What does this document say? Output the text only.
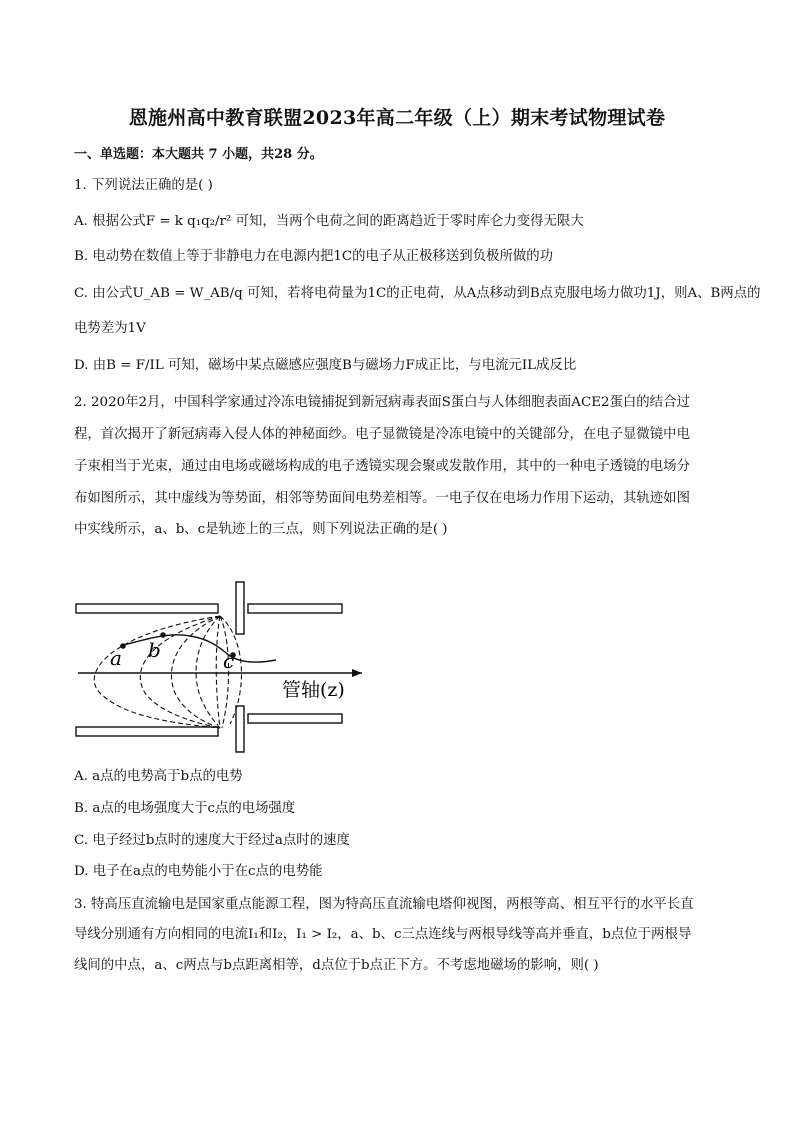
恩施州高中教育联盟2023年高二年级（上）期末考试物理试卷
一、单选题：本大题共 7 小题，共28 分。
1. 下列说法正确的是( )
A. 根据公式F = k q₁q₂/r² 可知，当两个电荷之间的距离趋近于零时库仑力变得无限大
B. 电动势在数值上等于非静电力在电源内把1C的电子从正极移送到负极所做的功
C. 由公式U_AB = W_AB/q 可知，若将电荷量为1C的正电荷，从A点移动到B点克服电场力做功1J，则A、B两点的
电势差为1V
D. 由B = F/IL 可知，磁场中某点磁感应强度B与磁场力F成正比，与电流元IL成反比
2. 2020年2月，中国科学家通过冷冻电镜捕捉到新冠病毒表面S蛋白与人体细胞表面ACE2蛋白的结合过
程，首次揭开了新冠病毒入侵人体的神秘面纱。电子显微镜是冷冻电镜中的关键部分，在电子显微镜中电
子束相当于光束，通过由电场或磁场构成的电子透镜实现会聚或发散作用，其中的一种电子透镜的电场分
布如图所示，其中虚线为等势面，相邻等势面间电势差相等。一电子仅在电场力作用下运动，其轨迹如图
中实线所示，a、b、c是轨迹上的三点，则下列说法正确的是( )
a b	c
管轴(z)
A. a点的电势高于b点的电势
B. a点的电场强度大于c点的电场强度
C. 电子经过b点时的速度大于经过a点时的速度
D. 电子在a点的电势能小于在c点的电势能
3. 特高压直流输电是国家重点能源工程，图为特高压直流输电塔仰视图，两根等高、相互平行的水平长直
导线分别通有方向相同的电流I₁和I₂，I₁ > I₂，a、b、c三点连线与两根导线等高并垂直，b点位于两根导
线间的中点，a、c两点与b点距离相等，d点位于b点正下方。不考虑地磁场的影响，则( )
